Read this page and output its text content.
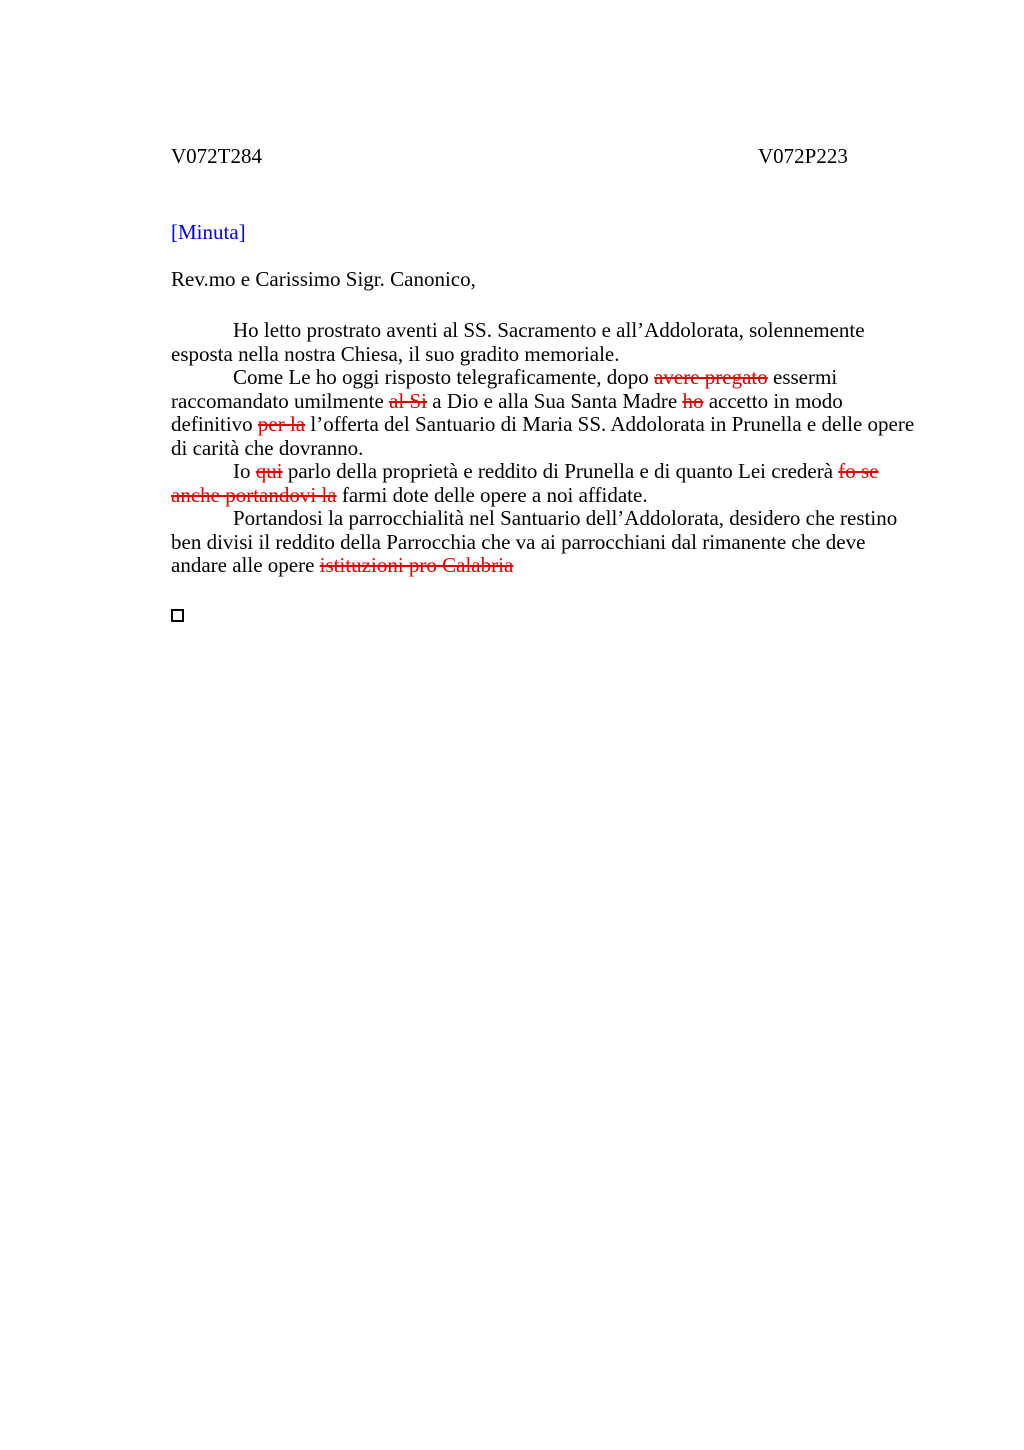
V072T284	V072P223
[Minuta]
Rev.mo e Carissimo Sigr. Canonico,

Ho letto prostrato aventi al SS. Sacramento e all’Addolorata, solennemente esposta nella nostra Chiesa, il suo gradito memoriale.

Come Le ho oggi risposto telegraficamente, dopo avere pregato essermi raccomandato umilmente al Si a Dio e alla Sua Santa Madre ho accetto in modo definitivo per la l’offerta del Santuario di Maria SS. Addolorata in Prunella e delle opere di carità che dovranno.

Io qui parlo della proprietà e reddito di Prunella e di quanto Lei crederà fo se anche portandovi la farmi dote delle opere a noi affidate.

Portandosi la parrocchialità nel Santuario dell’Addolorata, desidero che restino ben divisi il reddito della Parrocchia che va ai parrocchiani dal rimanente che deve andare alle opere istituzioni pro Calabria
